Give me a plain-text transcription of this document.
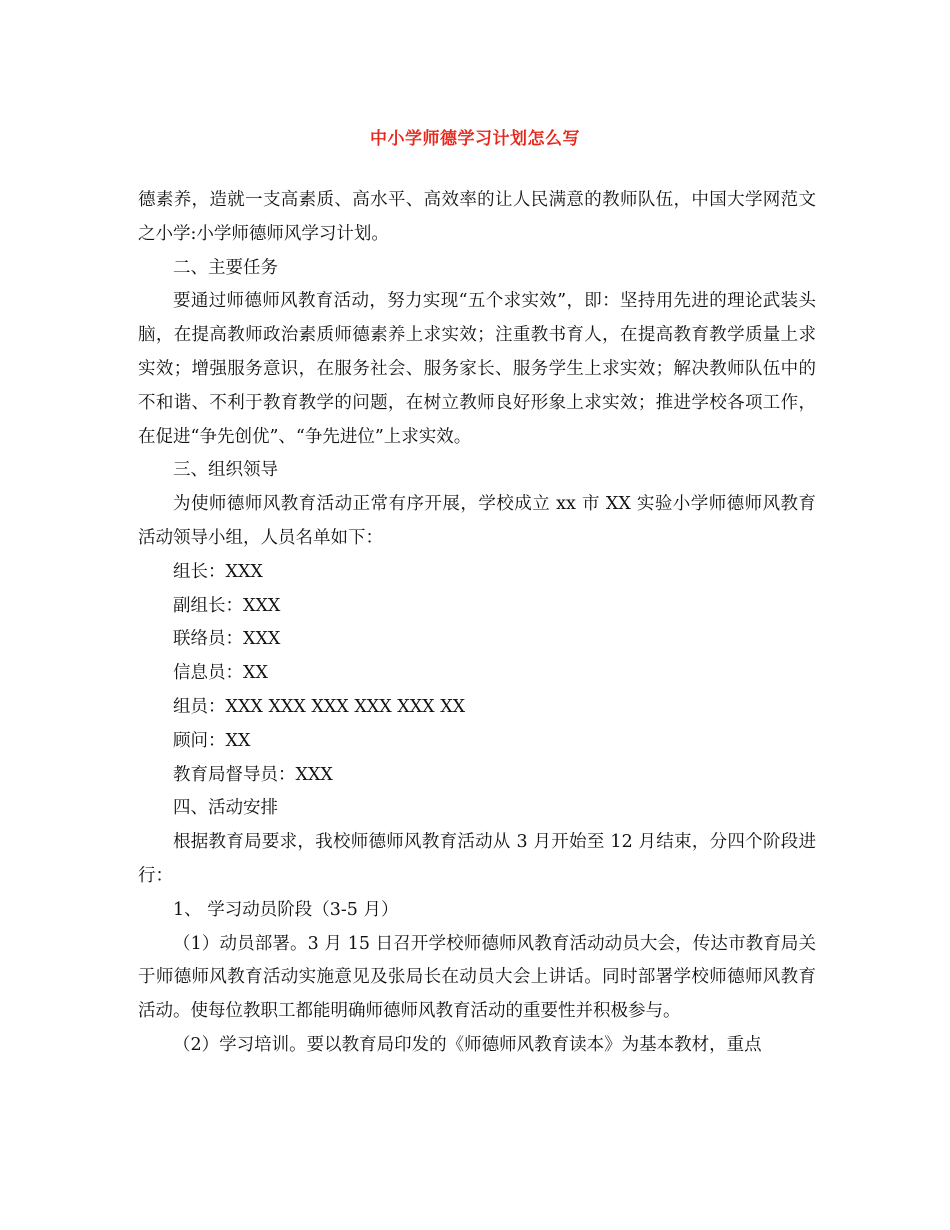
中小学师德学习计划怎么写

德素养，造就一支高素质、高水平、高效率的让人民满意的教师队伍，中国大学网范文之小学:小学师德师风学习计划。

二、主要任务

要通过师德师风教育活动，努力实现“五个求实效”，即：坚持用先进的理论武装头脑，在提高教师政治素质师德素养上求实效；注重教书育人，在提高教育教学质量上求实效；增强服务意识，在服务社会、服务家长、服务学生上求实效；解决教师队伍中的不和谐、不利于教育教学的问题，在树立教师良好形象上求实效；推进学校各项工作，在促进“争先创优”、“争先进位”上求实效。

三、组织领导

为使师德师风教育活动正常有序开展，学校成立 xx 市 XX 实验小学师德师风教育活动领导小组，人员名单如下：

组长：XXX

副组长：XXX

联络员：XXX

信息员：XX

组员：XXX XXX XXX XXX XXX XX

顾问：XX

教育局督导员：XXX

四、活动安排

根据教育局要求，我校师德师风教育活动从 3 月开始至 12 月结束，分四个阶段进行：

1、 学习动员阶段（3-5 月）

（1）动员部署。3 月 15 日召开学校师德师风教育活动动员大会，传达市教育局关于师德师风教育活动实施意见及张局长在动员大会上讲话。同时部署学校师德师风教育活动。使每位教职工都能明确师德师风教育活动的重要性并积极参与。

（2）学习培训。要以教育局印发的《师德师风教育读本》为基本教材，重点
